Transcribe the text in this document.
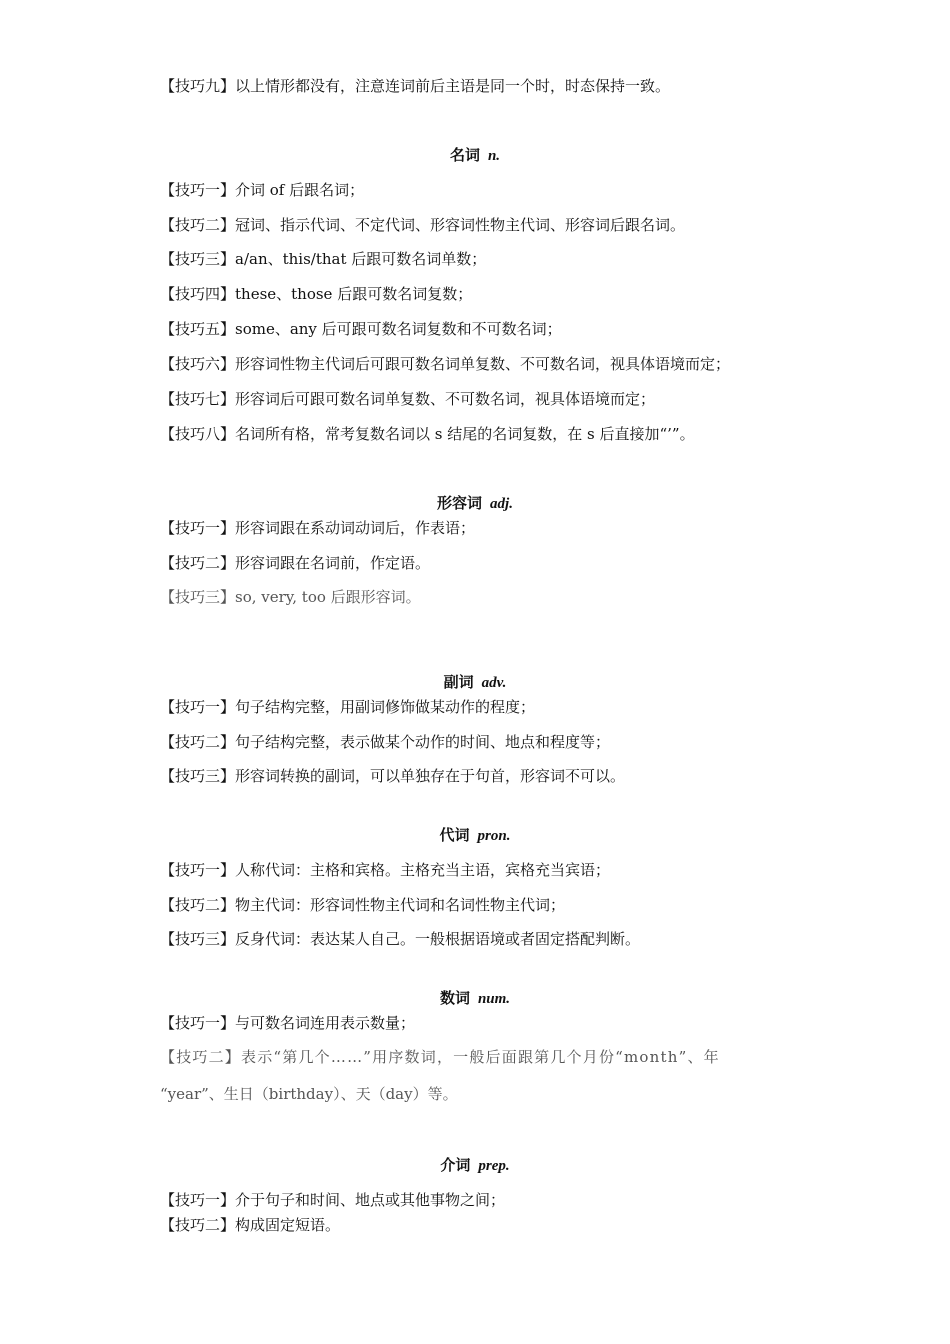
【技巧九】以上情形都没有，注意连词前后主语是同一个时，时态保持一致。
名词 n.
【技巧一】介词 of 后跟名词；
【技巧二】冠词、指示代词、不定代词、形容词性物主代词、形容词后跟名词。
【技巧三】a/an、this/that 后跟可数名词单数；
【技巧四】these、those 后跟可数名词复数；
【技巧五】some、any 后可跟可数名词复数和不可数名词；
【技巧六】形容词性物主代词后可跟可数名词单复数、不可数名词，视具体语境而定；
【技巧七】形容词后可跟可数名词单复数、不可数名词，视具体语境而定；
【技巧八】名词所有格，常考复数名词以 s 结尾的名词复数，在 s 后直接加“’”。
形容词 adj.
【技巧一】形容词跟在系动词动词后，作表语；
【技巧二】形容词跟在名词前，作定语。
【技巧三】so, very, too 后跟形容词。
副词 adv.
【技巧一】句子结构完整，用副词修饰做某动作的程度；
【技巧二】句子结构完整，表示做某个动作的时间、地点和程度等；
【技巧三】形容词转换的副词，可以单独存在于句首，形容词不可以。
代词 pron.
【技巧一】人称代词：主格和宾格。主格充当主语，宾格充当宾语；
【技巧二】物主代词：形容词性物主代词和名词性物主代词；
【技巧三】反身代词：表达某人自己。一般根据语境或者固定搭配判断。
数词 num.
【技巧一】与可数名词连用表示数量；
【技巧二】表示“第几个……”用序数词，一般后面跟第几个月份“month”、年
“year”、生日（birthday）、天（day）等。
介词 prep.
【技巧一】介于句子和时间、地点或其他事物之间；
【技巧二】构成固定短语。
